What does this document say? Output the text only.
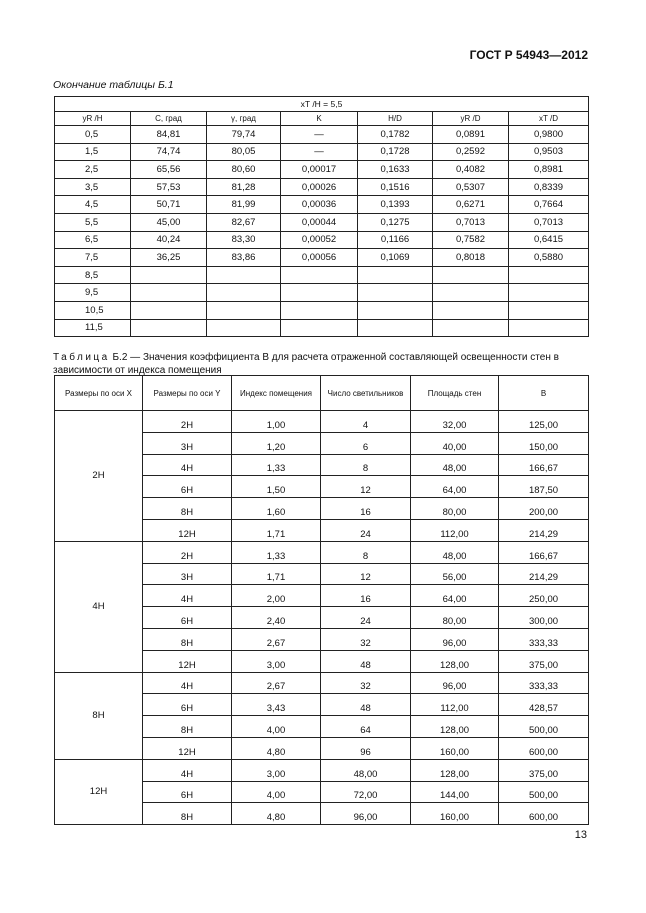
ГОСТ Р 54943—2012
Окончание таблицы Б.1
xT /H = 5,5						
yR /H	C, град	γ, град	K	H/D	yR /D	xT /D
0,5	84,81	79,74	—	0,1782	0,0891	0,9800
1,5	74,74	80,05	—	0,1728	0,2592	0,9503
2,5	65,56	80,60	0,00017	0,1633	0,4082	0,8981
3,5	57,53	81,28	0,00026	0,1516	0,5307	0,8339
4,5	50,71	81,99	0,00036	0,1393	0,6271	0,7664
5,5	45,00	82,67	0,00044	0,1275	0,7013	0,7013
6,5	40,24	83,30	0,00052	0,1166	0,7582	0,6415
7,5	36,25	83,86	0,00056	0,1069	0,8018	0,5880
8,5						
9,5						
10,5						
11,5						
Таблица Б.2 — Значения коэффициента B для расчета отраженной составляющей освещенности стен в зависимости от индекса помещения
Размеры по оси X	Размеры по оси Y	Индекс помещения	Число светильников	Площадь стен	B
2H	2H	1,00	4	32,00	125,00
	3H	1,20	6	40,00	150,00
	4H	1,33	8	48,00	166,67
	6H	1,50	12	64,00	187,50
	8H	1,60	16	80,00	200,00
	12H	1,71	24	112,00	214,29
4H	2H	1,33	8	48,00	166,67
	3H	1,71	12	56,00	214,29
	4H	2,00	16	64,00	250,00
	6H	2,40	24	80,00	300,00
	8H	2,67	32	96,00	333,33
	12H	3,00	48	128,00	375,00
8H	4H	2,67	32	96,00	333,33
	6H	3,43	48	112,00	428,57
	8H	4,00	64	128,00	500,00
	12H	4,80	96	160,00	600,00
12H	4H	3,00	48,00	128,00	375,00
	6H	4,00	72,00	144,00	500,00
	8H	4,80	96,00	160,00	600,00
13
